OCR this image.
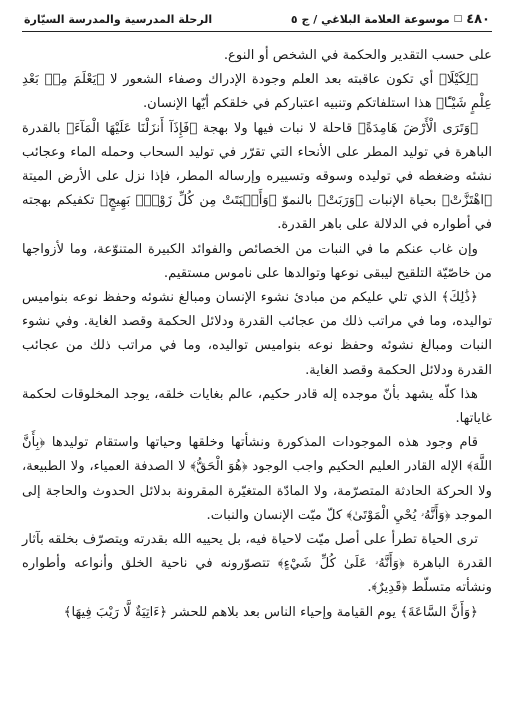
٤٨٠
□
موسوعة العلامة البلاغي / ج ٥
الرحلة المدرسية والمدرسة السيّارة

على حسب التقدير والحكمة في الشخص أو النوع.

﴿لِكَيْلَا﴾ أي تكون عاقبته بعد العلم وجودة الإدراك وصفاء الشعور لا ﴿يَعْلَمَ مِنۢ بَعْدِ عِلْمٍ شَيْـًٔا﴾ هذا استلفاتكم وتنبيه اعتباركم في خلقكم أيّها الإنسان.

﴿وَتَرَى الْأَرْضَ هَامِدَةً﴾ قاحلة لا نبات فيها ولا بهجة ﴿فَإِذَآ أَنزَلْنَا عَلَيْهَا الْمَآءَ﴾ بالقدرة الباهرة في توليد المطر على الأنحاء التي تقرّر في توليد السحاب وحمله الماء وعجائب نشئه وضغطه في توليده وسوقه وتسييره وإرساله المطر، فإذا نزل على الأرض الميتة ﴿اهْتَزَّتْ﴾ بحياة الإنبات ﴿وَرَبَتْ﴾ بالنموّ ﴿وَأَنۢبَتَتْ مِن كُلِّ زَوْجٍۭ بَهِيجٍ﴾ تكفيكم بهجته في أطواره في الدلالة على باهر القدرة.

وإن غاب عنكم ما في النبات من الخصائص والفوائد الكبيرة المتنوّعة، وما لأزواجها من خاصّيّة التلقيح ليبقى نوعها وتوالدها على ناموس مستقيم.

﴿ذَٰلِكَ﴾ الذي تلي عليكم من مبادئ نشوء الإنسان ومبالغ نشوئه وحفظ نوعه بنواميس تواليده، وما في مراتب ذلك من عجائب القدرة ودلائل الحكمة وقصد الغاية. وفي نشوء النبات ومبالغ نشوئه وحفظ نوعه بنواميس تواليده، وما في مراتب ذلك من عجائب القدرة ودلائل الحكمة وقصد الغاية.

هذا كلّه يشهد بأنّ موجده إله قادر حكيم، عالم بغايات خلقه، يوجد المخلوقات لحكمة غاياتها.

قام وجود هذه الموجودات المذكورة ونشأتها وخلقها وحياتها واستقام توليدها ﴿بِأَنَّ اللَّهَ﴾ الإله القادر العليم الحكيم واجب الوجود ﴿هُوَ الْحَقُّ﴾ لا الصدفة العمياء، ولا الطبيعة، ولا الحركة الحادثة المتصرّمة، ولا المادّة المتغيّرة المقرونة بدلائل الحدوث والحاجة إلى الموجد ﴿وَأَنَّهُۥ يُحْيِ الْمَوْتَىٰ﴾ كلّ ميّت الإنسان والنبات.

ترى الحياة تطرأ على أصل ميّت لاحياة فيه، بل يحييه الله بقدرته ويتصرّف بخلقه بآثار القدرة الباهرة ﴿وَأَنَّهُۥ عَلَىٰ كُلِّ شَيْءٍ﴾ تتصوّرونه في ناحية الخلق وأنواعه وأطواره ونشأته متسلّط ﴿قَدِيرٌ﴾.

﴿وَأَنَّ السَّاعَةَ﴾ يوم القيامة وإحياء الناس بعد بلاهم للحشر ﴿ءَاتِيَةٌ لَّا رَيْبَ فِيهَا﴾
